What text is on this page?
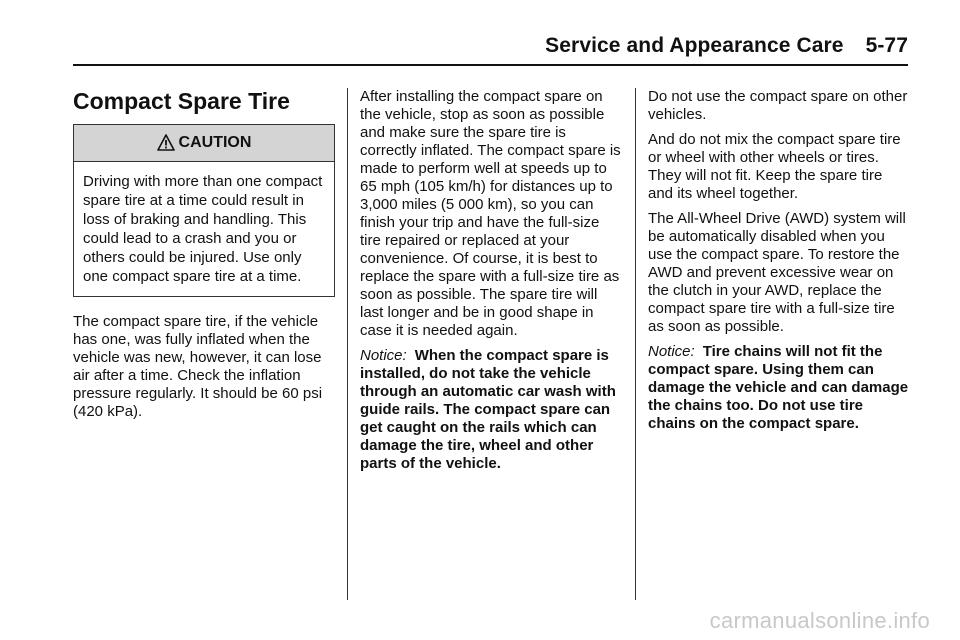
Service and Appearance Care 5-77
Compact Spare Tire
CAUTION
Driving with more than one compact spare tire at a time could result in loss of braking and handling. This could lead to a crash and you or others could be injured. Use only one compact spare tire at a time.

The compact spare tire, if the vehicle has one, was fully inflated when the vehicle was new, however, it can lose air after a time. Check the inflation pressure regularly. It should be 60 psi (420 kPa).

After installing the compact spare on the vehicle, stop as soon as possible and make sure the spare tire is correctly inflated. The compact spare is made to perform well at speeds up to 65 mph (105 km/h) for distances up to 3,000 miles (5 000 km), so you can finish your trip and have the full-size tire repaired or replaced at your convenience. Of course, it is best to replace the spare with a full-size tire as soon as possible. The spare tire will last longer and be in good shape in case it is needed again.

Notice: When the compact spare is installed, do not take the vehicle through an automatic car wash with guide rails. The compact spare can get caught on the rails which can damage the tire, wheel and other parts of the vehicle.

Do not use the compact spare on other vehicles.

And do not mix the compact spare tire or wheel with other wheels or tires. They will not fit. Keep the spare tire and its wheel together.

The All-Wheel Drive (AWD) system will be automatically disabled when you use the compact spare. To restore the AWD and prevent excessive wear on the clutch in your AWD, replace the compact spare tire with a full-size tire as soon as possible.

Notice: Tire chains will not fit the compact spare. Using them can damage the vehicle and can damage the chains too. Do not use tire chains on the compact spare.

carmanualsonline.info
